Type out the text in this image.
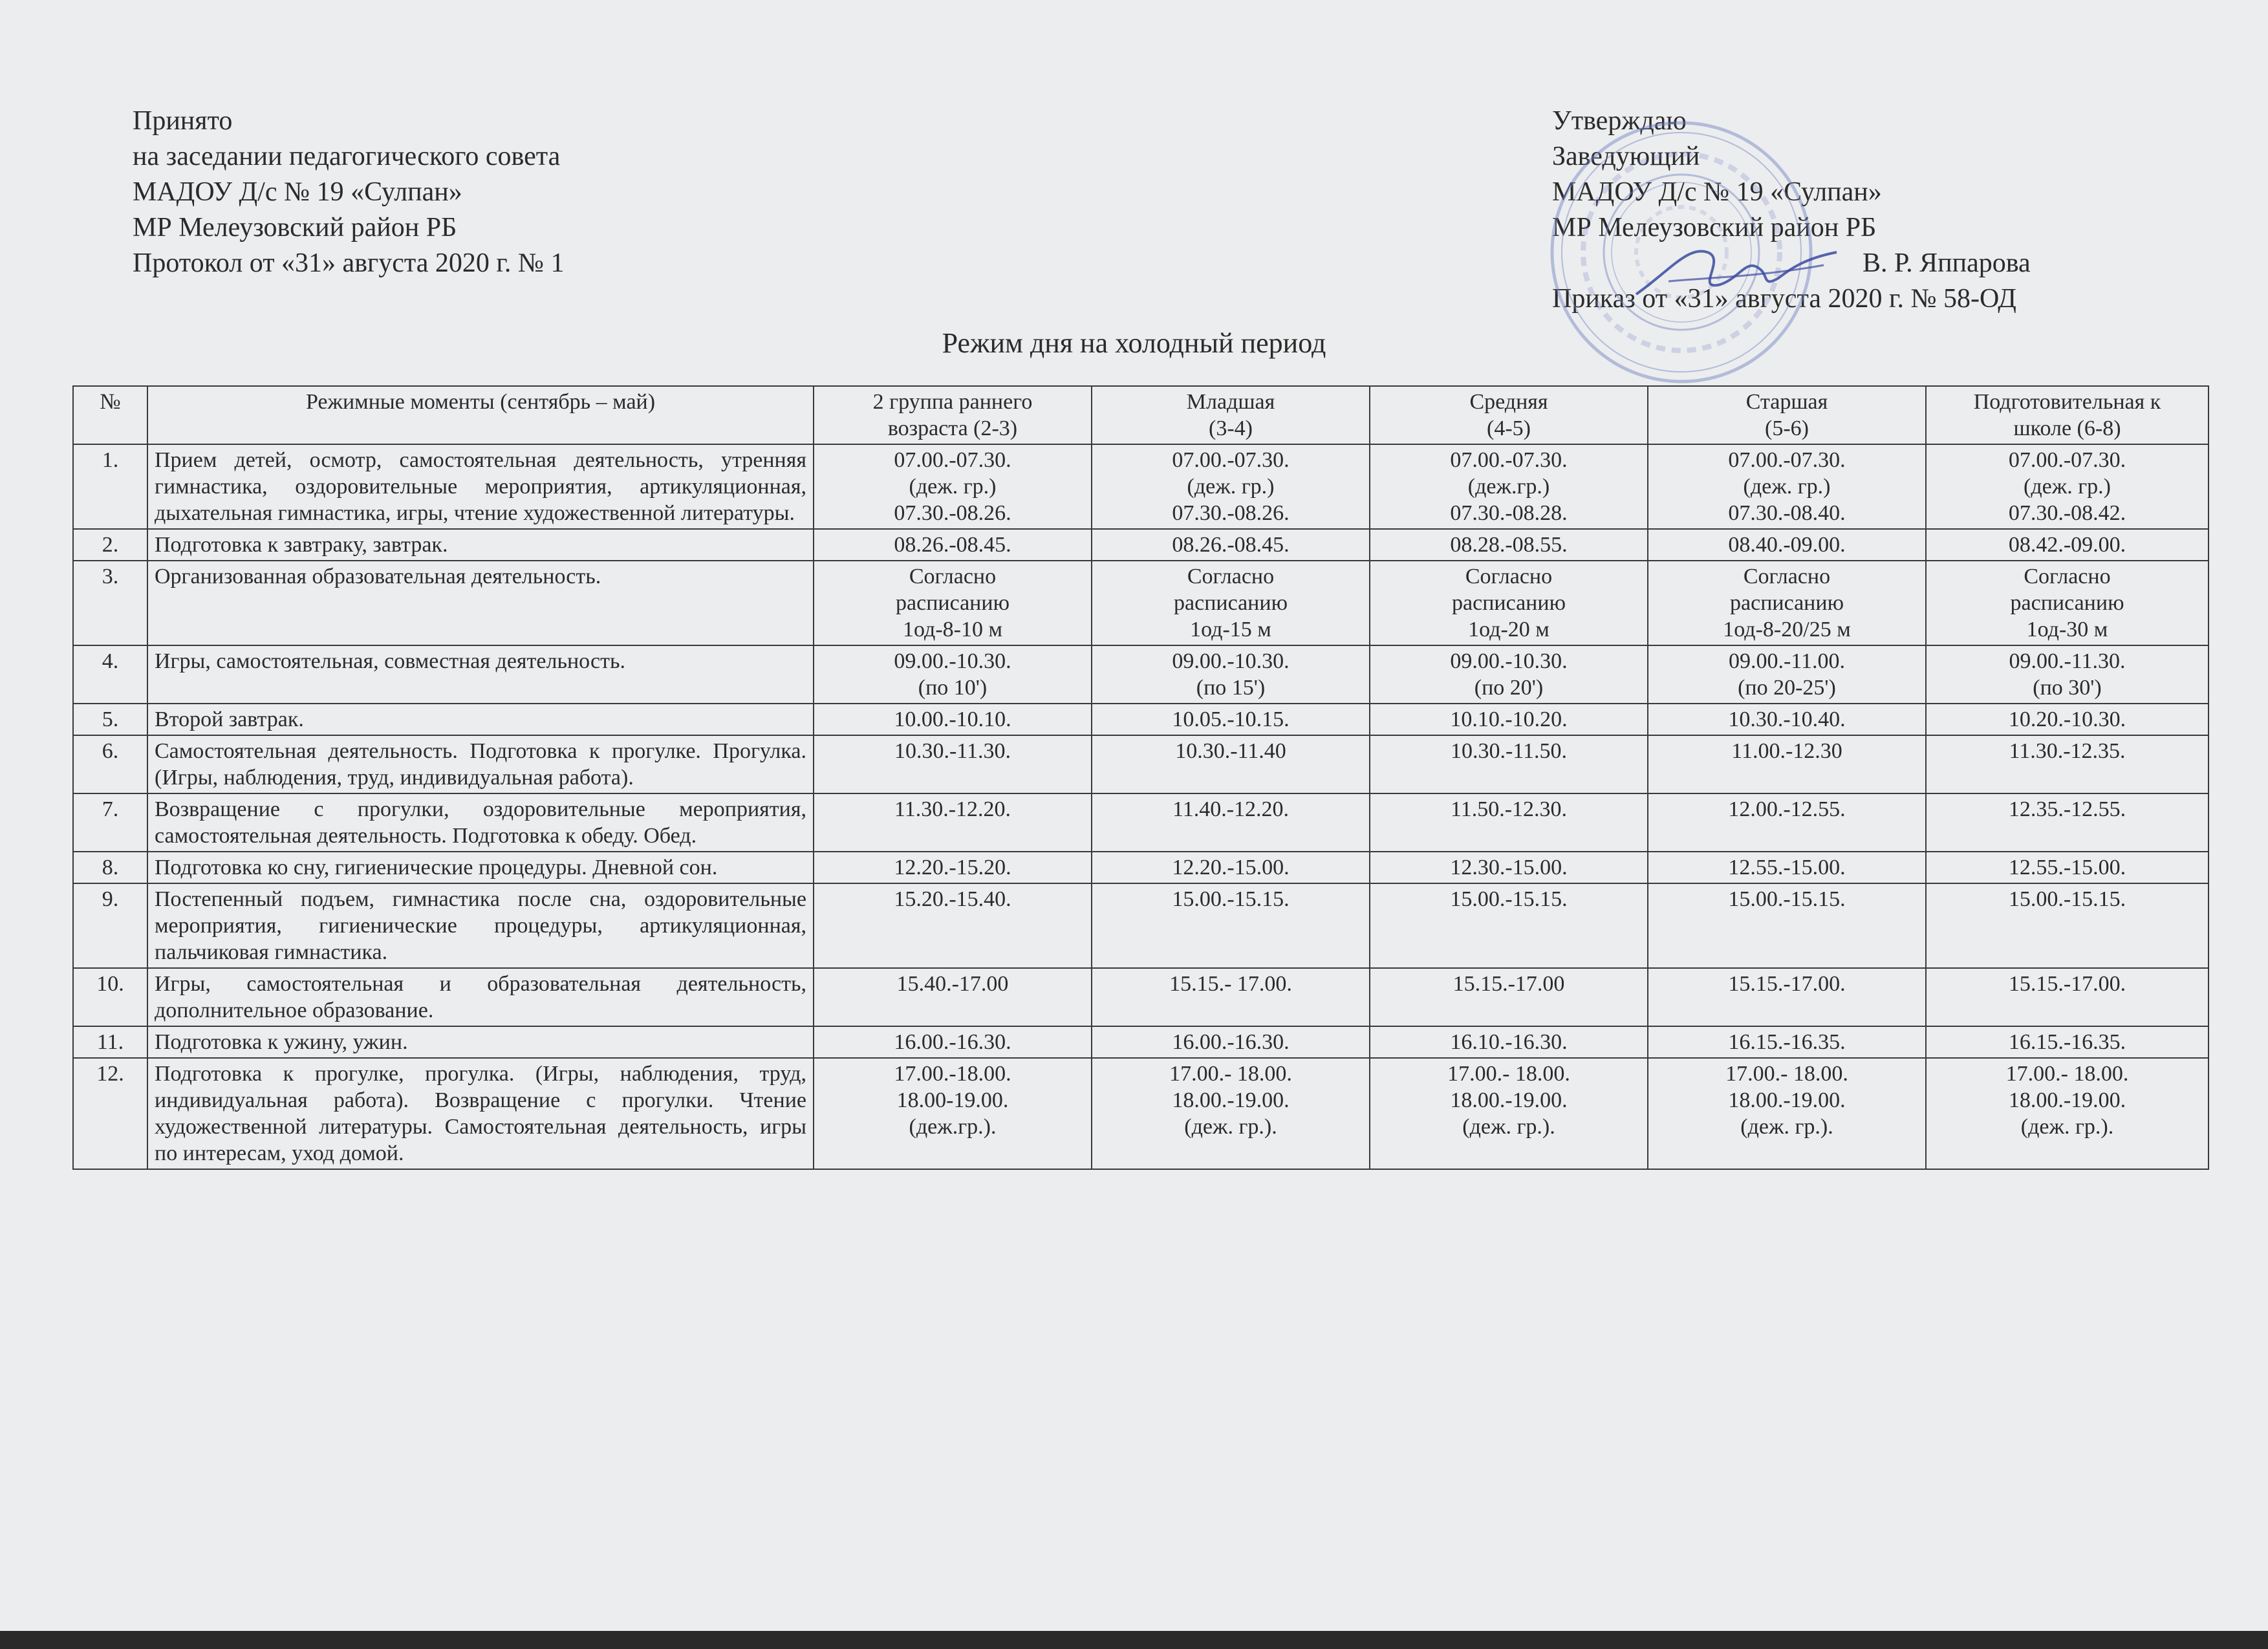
Принято
на заседании педагогического совета
МАДОУ Д/с № 19 «Сулпан»
МР Мелеузовский район РБ
Протокол от «31» августа 2020 г. № 1
Утверждаю
Заведующий
МАДОУ Д/с № 19 «Сулпан»
МР Мелеузовский район РБ

В. Р. Яппарова
Приказ от «31» августа 2020 г. № 58-ОД
Режим дня на холодный период
№	Режимные моменты (сентябрь – май)	2 группа раннего
возраста (2-3)	Младшая
(3-4)	Средняя
(4-5)	Старшая
(5-6)	Подготовительная к
школе (6-8)

1.	Прием детей, осмотр, самостоятельная деятельность, утренняя гимнастика, оздоровительные мероприятия, артикуляционная, дыхательная гимнастика, игры, чтение художественной литературы.	07.00.-07.30.
(деж. гр.)
07.30.-08.26.	07.00.-07.30.
(деж. гр.)
07.30.-08.26.	07.00.-07.30.
(деж.гр.)
07.30.-08.28.	07.00.-07.30.
(деж. гр.)
07.30.-08.40.	07.00.-07.30.
(деж. гр.)
07.30.-08.42.

2.	Подготовка к завтраку, завтрак.	08.26.-08.45.	08.26.-08.45.	08.28.-08.55.	08.40.-09.00.	08.42.-09.00.

3.	Организованная образовательная деятельность.	Согласно
расписанию
1од-8-10 м	Согласно
расписанию
1од-15 м	Согласно
расписанию
1од-20 м	Согласно
расписанию
1од-8-20/25 м	Согласно
расписанию
1од-30 м

4.	Игры, самостоятельная, совместная деятельность.	09.00.-10.30.
(по 10')	09.00.-10.30.
(по 15')	09.00.-10.30.
(по 20')	09.00.-11.00.
(по 20-25')	09.00.-11.30.
(по 30')

5.	Второй завтрак.	10.00.-10.10.	10.05.-10.15.	10.10.-10.20.	10.30.-10.40.	10.20.-10.30.

6.	Самостоятельная деятельность. Подготовка к прогулке. Прогулка. (Игры, наблюдения, труд, индивидуальная работа).	10.30.-11.30.	10.30.-11.40	10.30.-11.50.	11.00.-12.30	11.30.-12.35.

7.	Возвращение с прогулки, оздоровительные мероприятия, самостоятельная деятельность. Подготовка к обеду. Обед.	11.30.-12.20.	11.40.-12.20.	11.50.-12.30.	12.00.-12.55.	12.35.-12.55.

8.	Подготовка ко сну, гигиенические процедуры. Дневной сон.	12.20.-15.20.	12.20.-15.00.	12.30.-15.00.	12.55.-15.00.	12.55.-15.00.

9.	Постепенный подъем, гимнастика после сна, оздоровительные мероприятия, гигиенические процедуры, артикуляционная, пальчиковая гимнастика.	15.20.-15.40.	15.00.-15.15.	15.00.-15.15.	15.00.-15.15.	15.00.-15.15.

10.	Игры, самостоятельная и образовательная деятельность, дополнительное образование.	15.40.-17.00	15.15.- 17.00.	15.15.-17.00	15.15.-17.00.	15.15.-17.00.

11.	Подготовка к ужину, ужин.	16.00.-16.30.	16.00.-16.30.	16.10.-16.30.	16.15.-16.35.	16.15.-16.35.

12.	Подготовка к прогулке, прогулка. (Игры, наблюдения, труд, индивидуальная работа). Возвращение с прогулки. Чтение художественной литературы. Самостоятельная деятельность, игры по интересам, уход домой.	17.00.-18.00.
18.00-19.00.
(деж.гр.).	17.00.- 18.00.
18.00.-19.00.
(деж. гр.).	17.00.- 18.00.
18.00.-19.00.
(деж. гр.).	17.00.- 18.00.
18.00.-19.00.
(деж. гр.).	17.00.- 18.00.
18.00.-19.00.
(деж. гр.).
